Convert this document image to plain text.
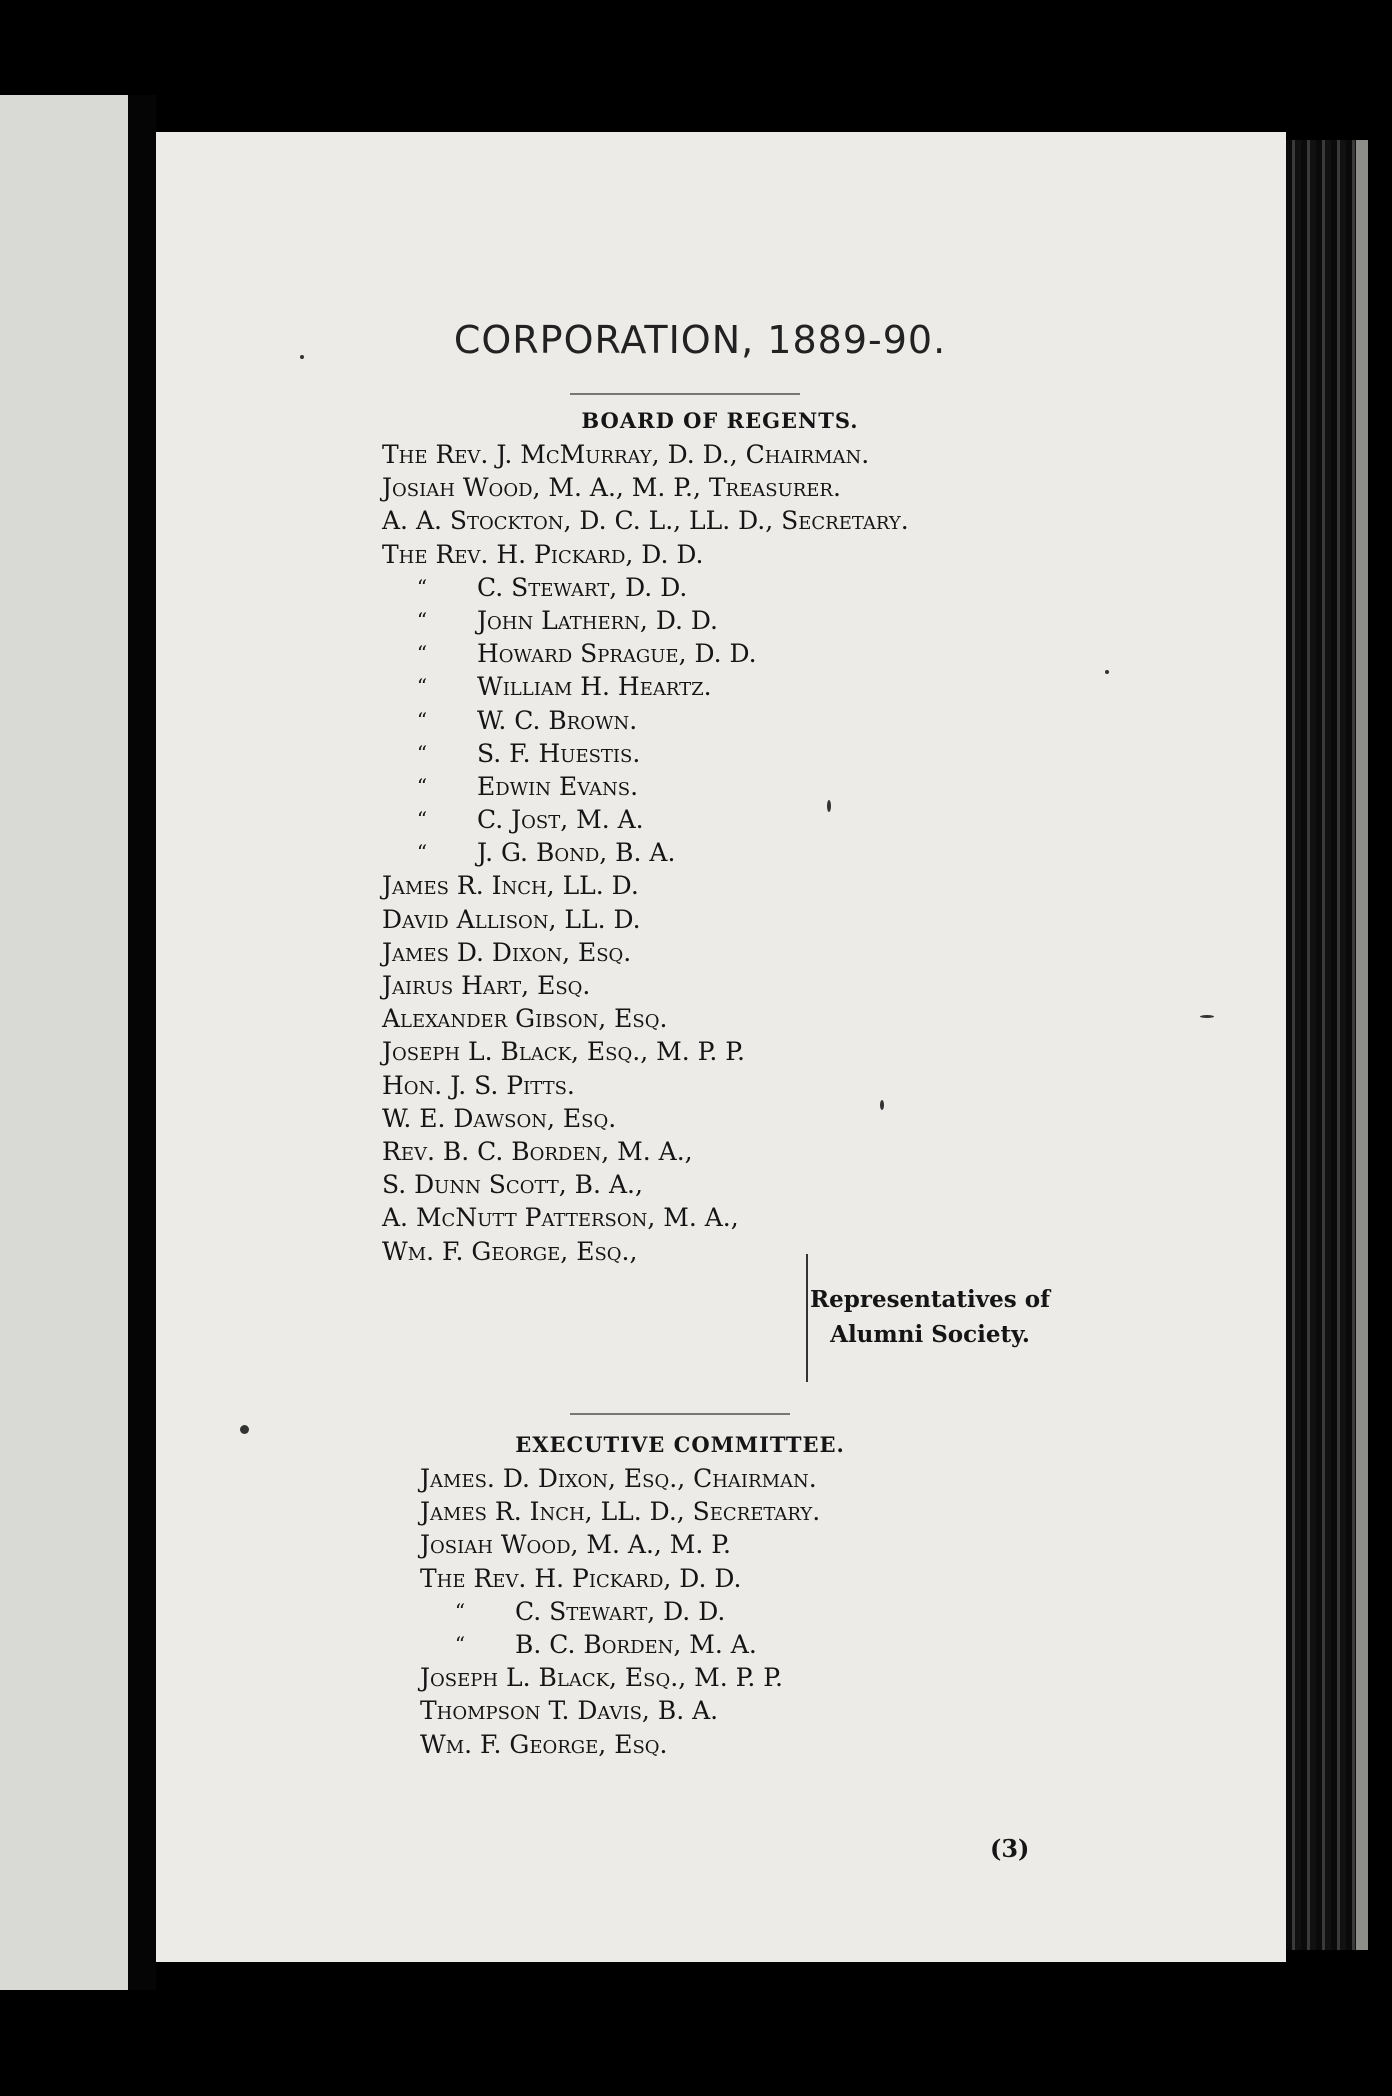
CORPORATION, 1889-90.
BOARD OF REGENTS.
The Rev. J. McMurray, D. D., Chairman.
Josiah Wood, M. A., M. P., Treasurer.
A. A. Stockton, D. C. L., LL. D., Secretary.
The Rev. H. Pickard, D. D.
“	C. Stewart, D. D.
“	John Lathern, D. D.
“	Howard Sprague, D. D.
“	William H. Heartz.
“	W. C. Brown.
“	S. F. Huestis.
“	Edwin Evans.
“	C. Jost, M. A.
“	J. G. Bond, B. A.
James R. Inch, LL. D.
David Allison, LL. D.
James D. Dixon, Esq.
Jairus Hart, Esq.
Alexander Gibson, Esq.
Joseph L. Black, Esq., M. P. P.
Hon. J. S. Pitts.
W. E. Dawson, Esq.
Rev. B. C. Borden, M. A.,
S. Dunn Scott, B. A.,
A. McNutt Patterson, M. A.,
Wm. F. George, Esq.,

Representatives of Alumni Society.

EXECUTIVE COMMITTEE.
James. D. Dixon, Esq., Chairman.
James R. Inch, LL. D., Secretary.
Josiah Wood, M. A., M. P.
The Rev. H. Pickard, D. D.
“	C. Stewart, D. D.
“	B. C. Borden, M. A.
Joseph L. Black, Esq., M. P. P.
Thompson T. Davis, B. A.
Wm. F. George, Esq.

(3)
